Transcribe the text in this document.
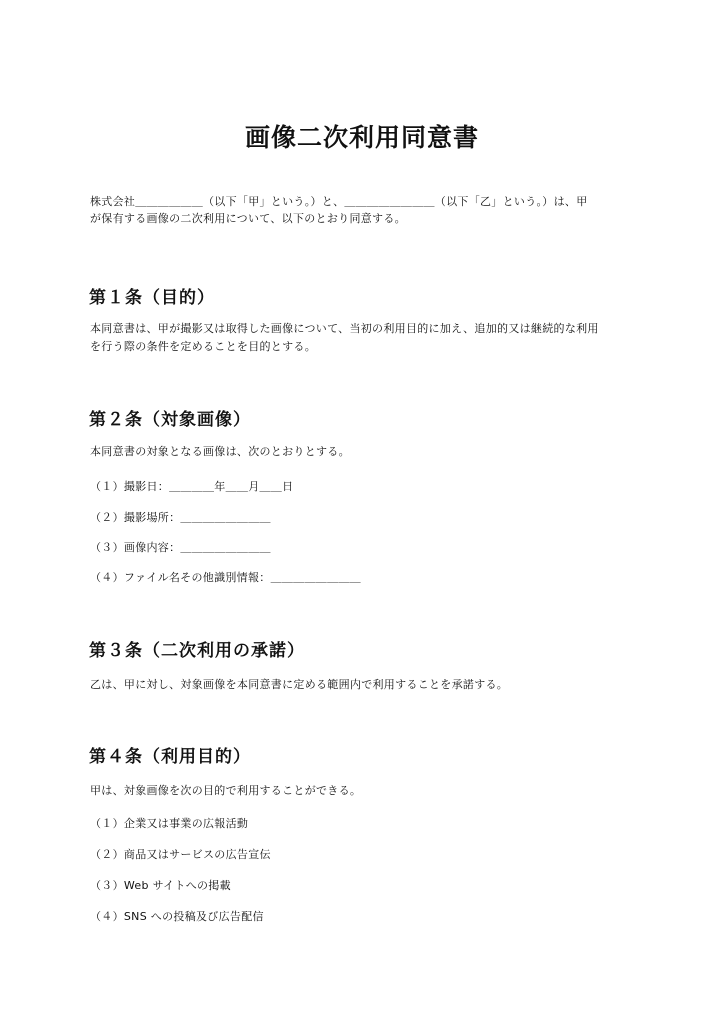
画像二次利用同意書

株式会社＿＿＿＿＿＿（以下「甲」という。）と、＿＿＿＿＿＿＿＿（以下「乙」という。）は、甲

が保有する画像の二次利用について、以下のとおり同意する。

第１条（目的）

本同意書は、甲が撮影又は取得した画像について、当初の利用目的に加え、追加的又は継続的な利用

を行う際の条件を定めることを目的とする。

第２条（対象画像）
本同意書の対象となる画像は、次のとおりとする。
（１）撮影日：＿＿＿＿年＿＿月＿＿日
（２）撮影場所：＿＿＿＿＿＿＿＿
（３）画像内容：＿＿＿＿＿＿＿＿
（４）ファイル名その他識別情報：＿＿＿＿＿＿＿＿
第３条（二次利用の承諾）
乙は、甲に対し、対象画像を本同意書に定める範囲内で利用することを承諾する。
第４条（利用目的）
甲は、対象画像を次の目的で利用することができる。
（１）企業又は事業の広報活動
（２）商品又はサービスの広告宣伝
（３）Web サイトへの掲載
（４）SNS への投稿及び広告配信
